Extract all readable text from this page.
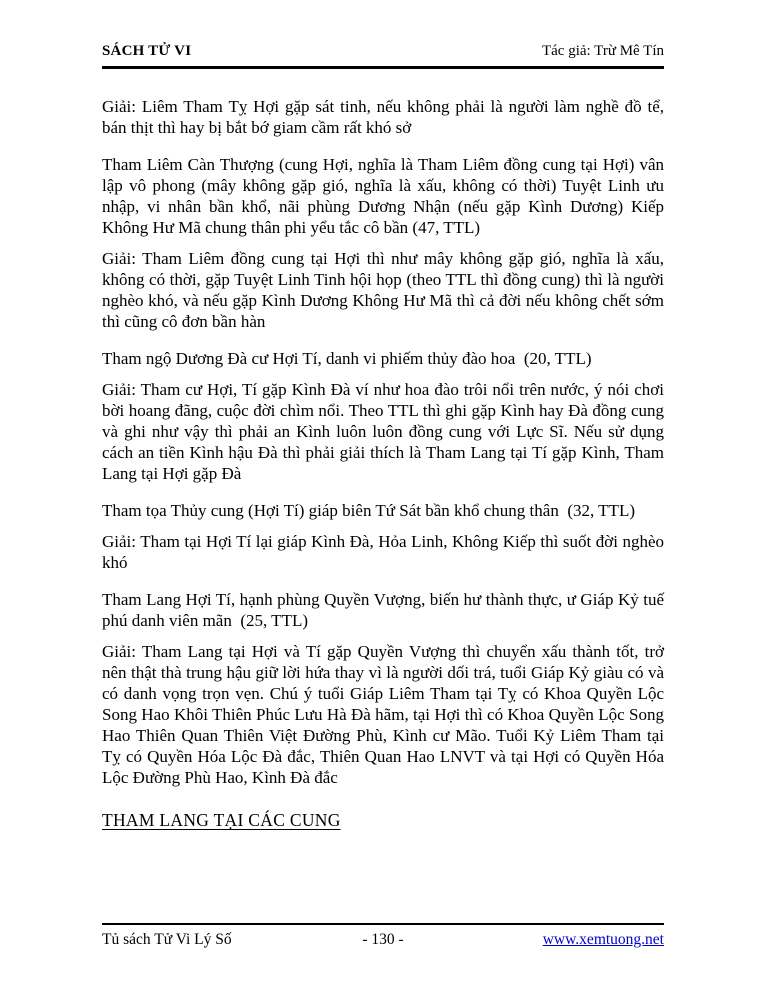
SÁCH TỬ VI	Tác giả: Trừ Mê Tín

Giải: Liêm Tham Tỵ Hợi gặp sát tinh, nếu không phải là người làm nghề đồ tể, bán thịt thì hay bị bắt bớ giam cầm rất khó sở

Tham Liêm Càn Thượng (cung Hợi, nghĩa là Tham Liêm đồng cung tại Hợi) vân lập vô phong (mây không gặp gió, nghĩa là xấu, không có thời) Tuyệt Linh ưu nhập, vi nhân bần khổ, nãi phùng Dương Nhận (nếu gặp Kình Dương) Kiếp Không Hư Mã chung thân phi yểu tắc cô bần (47, TTL)

Giải: Tham Liêm đồng cung tại Hợi thì như mây không gặp gió, nghĩa là xấu, không có thời, gặp Tuyệt Linh Tinh hội họp (theo TTL thì đồng cung) thì là người nghèo khó, và nếu gặp Kình Dương Không Hư Mã thì cả đời nếu không chết sớm thì cũng cô đơn bần hàn

Tham ngộ Dương Đà cư Hợi Tí, danh vi phiếm thủy đào hoa  (20, TTL)

Giải: Tham cư Hợi, Tí gặp Kình Đà ví như hoa đào trôi nổi trên nước, ý nói chơi bời hoang đãng, cuộc đời chìm nổi. Theo TTL thì ghi gặp Kình hay Đà đồng cung và ghi như vậy thì phải an Kình luôn luôn đồng cung với Lực Sĩ. Nếu sử dụng cách an tiền Kình hậu Đà thì phải giải thích là Tham Lang tại Tí gặp Kình, Tham Lang tại Hợi gặp Đà

Tham tọa Thủy cung (Hợi Tí) giáp biên Tứ Sát bần khổ chung thân  (32, TTL)

Giải: Tham tại Hợi Tí lại giáp Kình Đà, Hỏa Linh, Không Kiếp thì suốt đời nghèo khó

Tham Lang Hợi Tí, hạnh phùng Quyền Vượng, biến hư thành thực, ư Giáp Kỷ tuế phú danh viên mãn  (25, TTL)

Giải: Tham Lang tại Hợi và Tí gặp Quyền Vượng thì chuyển xấu thành tốt, trở nên thật thà trung hậu giữ lời hứa thay vì là người dối trá, tuổi Giáp Kỷ giàu có và có danh vọng trọn vẹn. Chú ý tuổi Giáp Liêm Tham tại Tỵ có Khoa Quyền Lộc Song Hao Khôi Thiên Phúc Lưu Hà Đà hãm, tại Hợi thì có Khoa Quyền Lộc Song Hao Thiên Quan Thiên Việt Đường Phù, Kình cư Mão. Tuổi Kỷ Liêm Tham tại Tỵ có Quyền Hóa Lộc Đà đắc, Thiên Quan Hao LNVT và tại Hợi có Quyền Hóa Lộc Đường Phù Hao, Kình Đà đắc

THAM LANG TẠI CÁC CUNG
Tủ sách Tử Vi Lý Số	- 130 -	www.xemtuong.net
